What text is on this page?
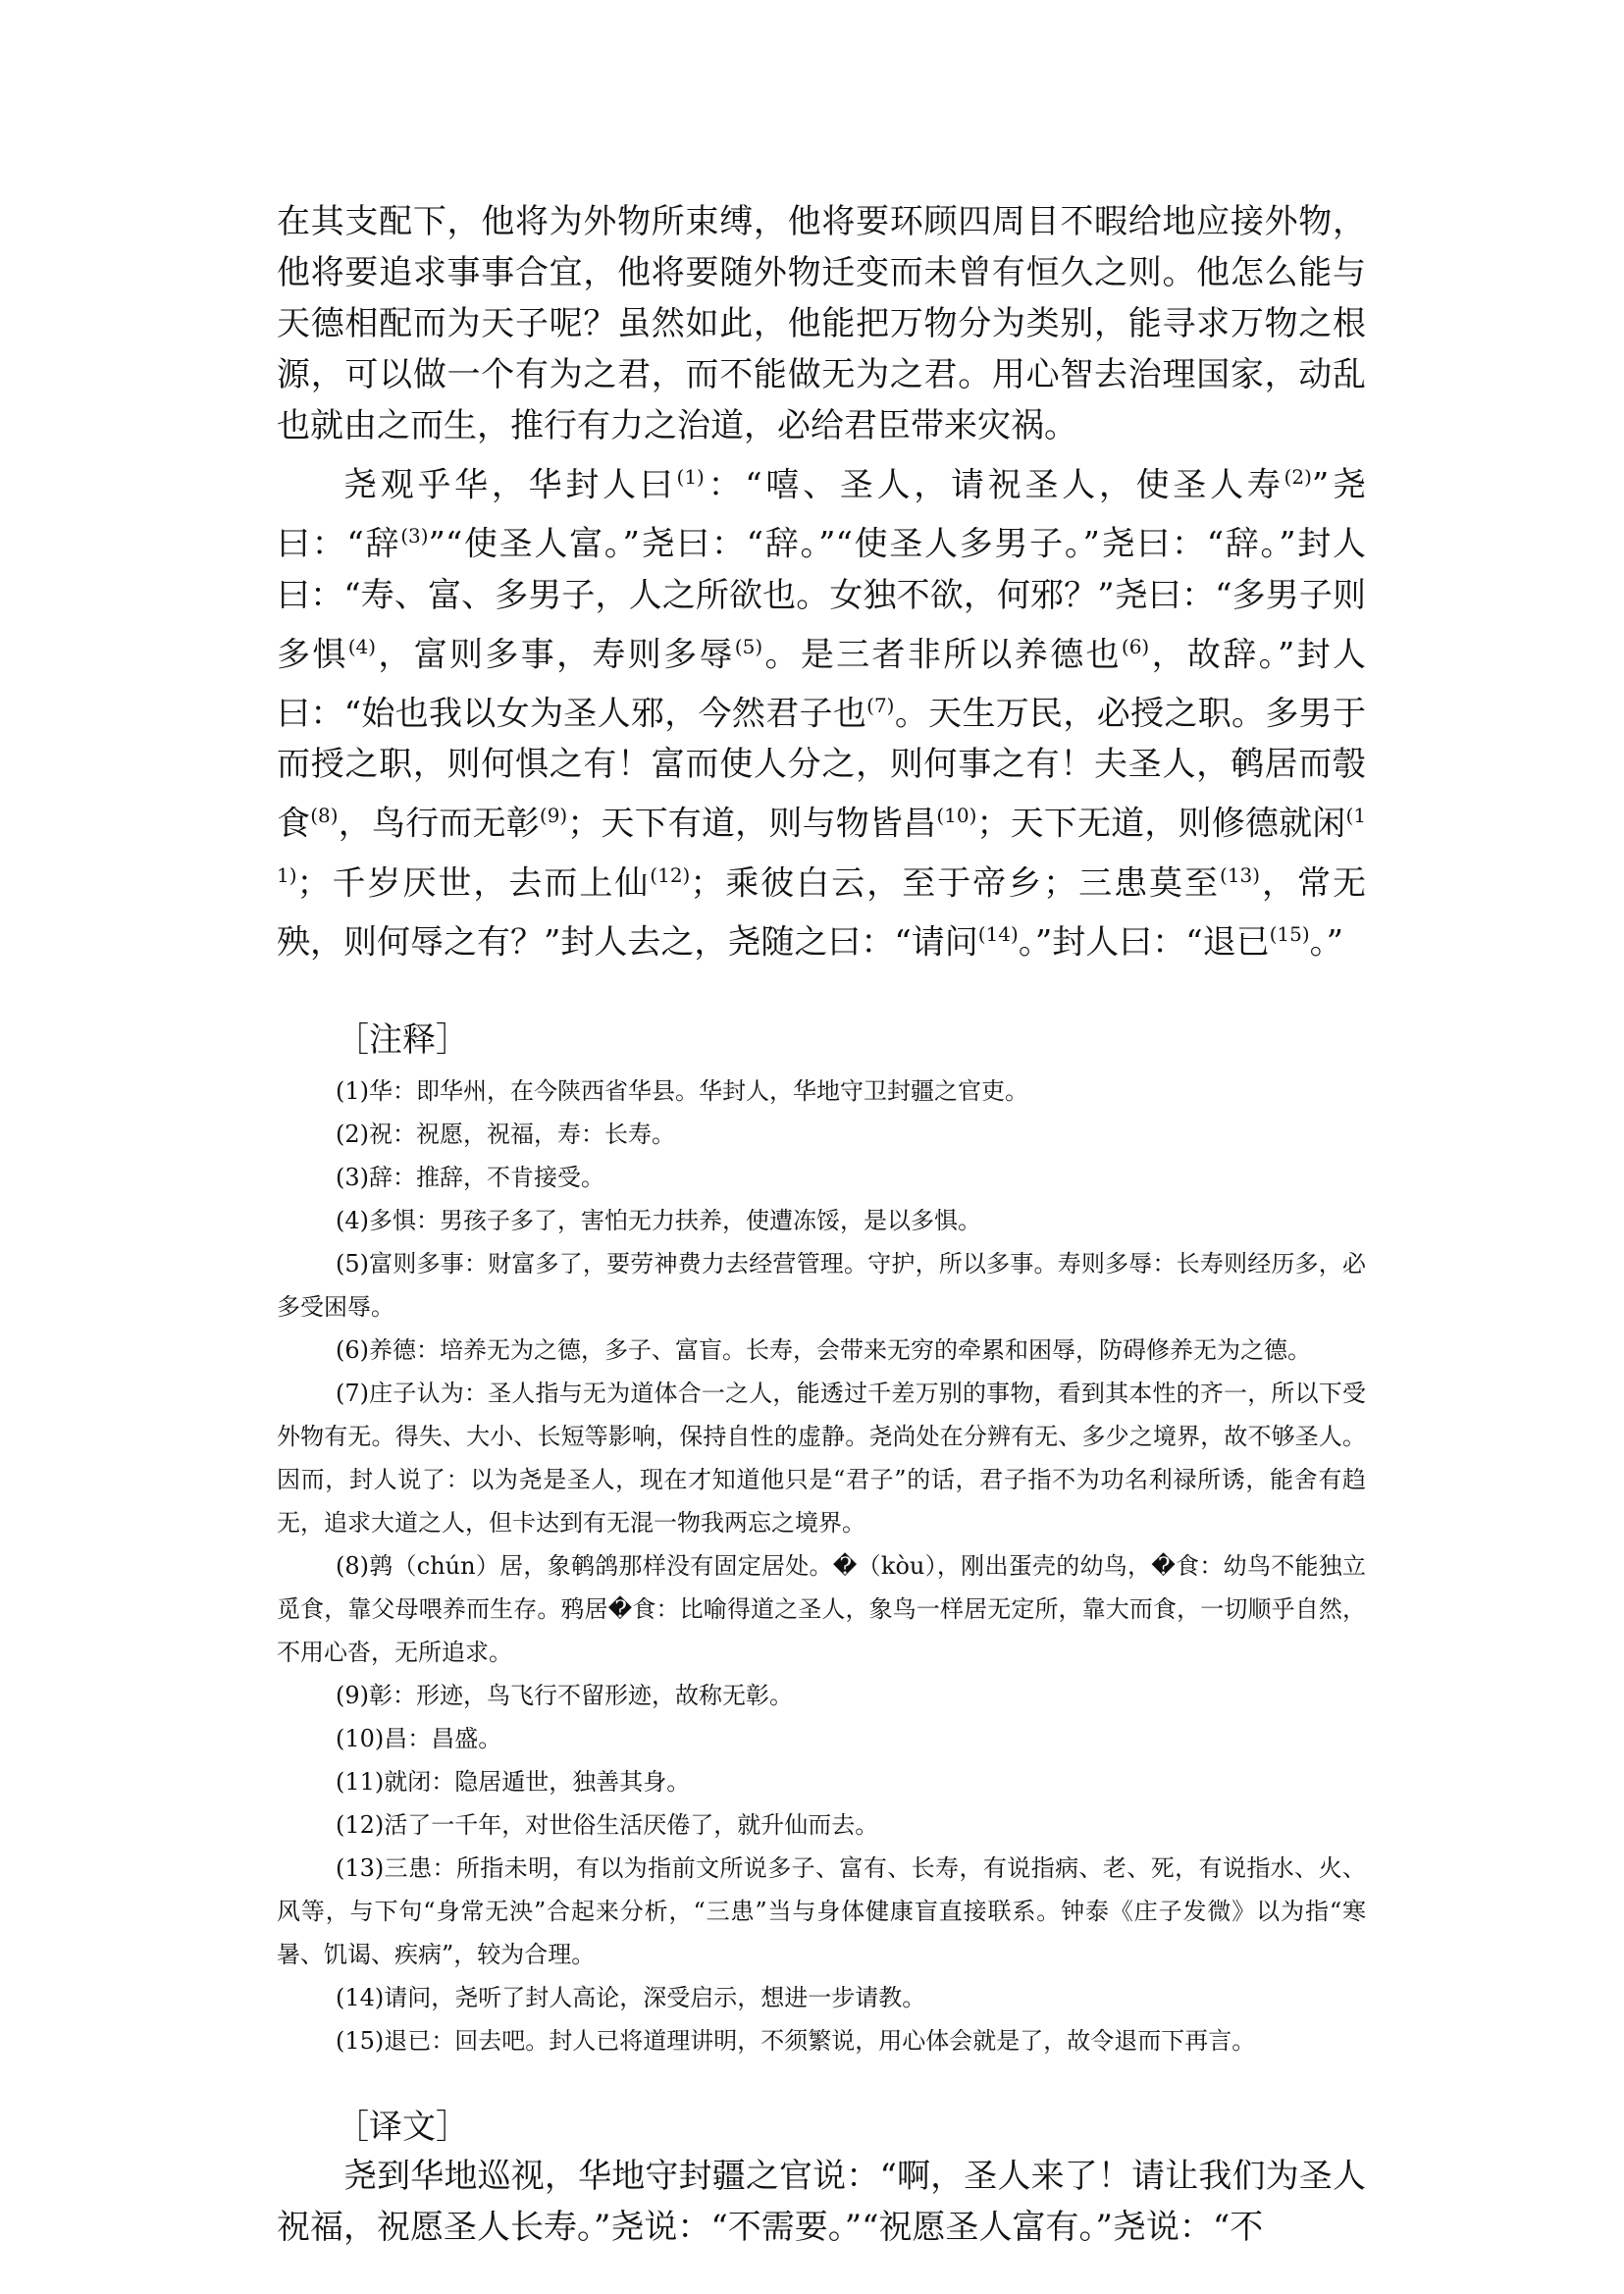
在其支配下，他将为外物所束缚，他将要环顾四周目不暇给地应接外物，他将要追求事事合宜，他将要随外物迁变而未曾有恒久之则。他怎么能与天德相配而为天子呢？虽然如此，他能把万物分为类别，能寻求万物之根源，可以做一个有为之君，而不能做无为之君。用心智去治理国家，动乱也就由之而生，推行有力之治道，必给君臣带来灾祸。

尧观乎华，华封人曰$^{(1)}$：“嘻、圣人，请祝圣人，使圣人寿$^{(2)}$”尧曰：“辞$^{(3)}$”“使圣人富。”尧曰：“辞。”“使圣人多男子。”尧曰：“辞。”封人曰：“寿、富、多男子，人之所欲也。女独不欲，何邪？”尧曰：“多男子则多惧$^{(4)}$，富则多事，寿则多辱$^{(5)}$。是三者非所以养德也$^{(6)}$，故辞。”封人曰：“始也我以女为圣人邪，今然君子也$^{(7)}$。天生万民，必授之职。多男于而授之职，则何惧之有！富而使人分之，则何事之有！夫圣人，鹌居而彀食$^{(8)}$，鸟行而无彰$^{(9)}$；天下有道，则与物皆昌$^{(10)}$；天下无道，则修德就闲$^{(11)}$；千岁厌世，去而上仙$^{(12)}$；乘彼白云，至于帝乡；三患莫至$^{(13)}$，常无殃，则何辱之有？”封人去之，尧随之曰：“请问$^{(14)}$。”封人曰：“退已$^{(15)}$。”

［注释］

(1)华：即华州，在今陕西省华县。华封人，华地守卫封疆之官吏。

(2)祝：祝愿，祝福，寿：长寿。

(3)辞：推辞，不肯接受。

(4)多惧：男孩子多了，害怕无力扶养，使遭冻馁，是以多惧。

(5)富则多事：财富多了，要劳神费力去经营管理。守护，所以多事。寿则多辱：长寿则经历多，必多受困辱。

(6)养德：培养无为之德，多子、富盲。长寿，会带来无穷的牵累和困辱，防碍修养无为之德。

(7)庄子认为：圣人指与无为道体合一之人，能透过千差万别的事物，看到其本性的齐一，所以下受外物有无。得失、大小、长短等影响，保持自性的虚静。尧尚处在分辨有无、多少之境界，故不够圣人。因而，封人说了：以为尧是圣人，现在才知道他只是“君子”的话，君子指不为功名利禄所诱，能舍有趋无，追求大道之人，但卡达到有无混一物我两忘之境界。

(8)鹑（chún）居，象鹌鸽那样没有固定居处。�（kòu），刚出蛋壳的幼鸟，�食：幼鸟不能独立觅食，靠父母喂养而生存。鸦居�食：比喻得道之圣人，象鸟一样居无定所，靠大而食，一切顺乎自然，不用心沓，无所追求。

(9)彰：形迹，鸟飞行不留形迹，故称无彰。

(10)昌：昌盛。

(11)就闭：隐居遁世，独善其身。

(12)活了一千年，对世俗生活厌倦了，就升仙而去。

(13)三患：所指未明，有以为指前文所说多子、富有、长寿，有说指病、老、死，有说指水、火、风等，与下句“身常无泱”合起来分析，“三患”当与身体健康盲直接联系。钟泰《庄子发微》以为指“寒暑、饥谒、疾病”，较为合理。

(14)请问，尧听了封人高论，深受启示，想进一步请教。

(15)退已：回去吧。封人已将道理讲明，不须繁说，用心体会就是了，故令退而下再言。

［译文］

尧到华地巡视，华地守封疆之官说：“啊，圣人来了！请让我们为圣人祝福，祝愿圣人长寿。”尧说：“不需要。”“祝愿圣人富有。”尧说：“不
